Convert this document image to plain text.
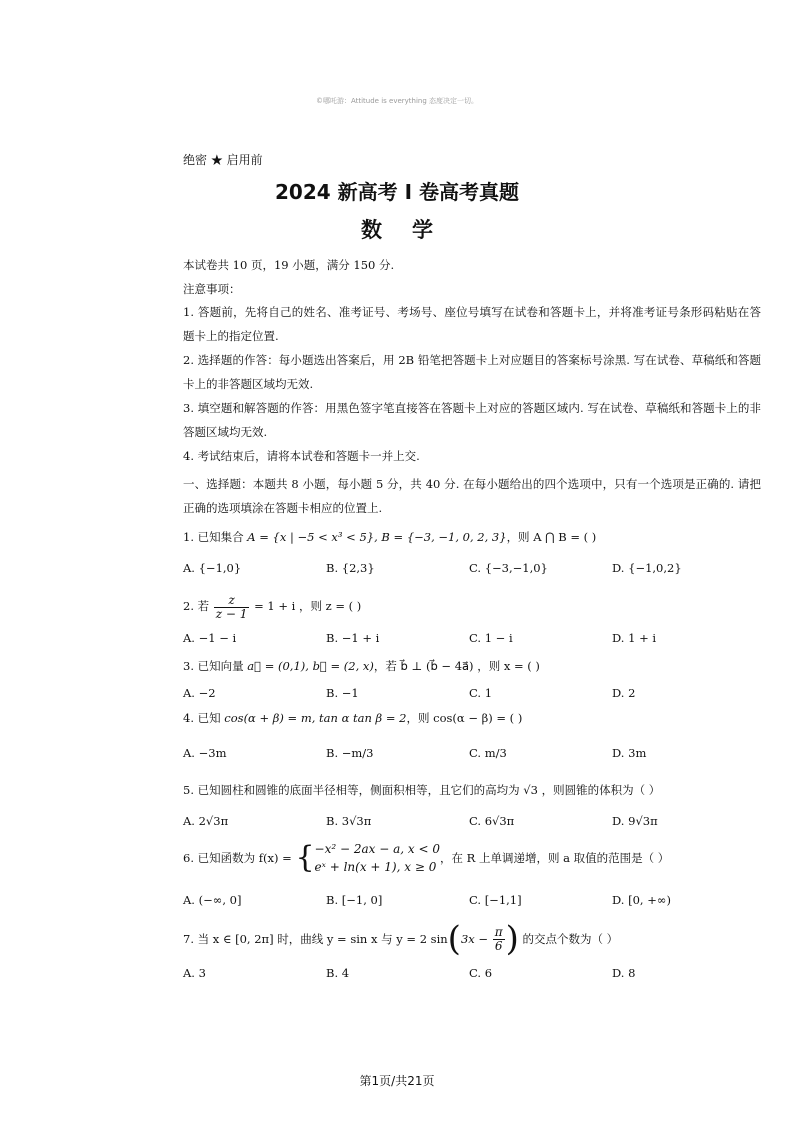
©哪吒游：Attitude is everything 态度决定一切。
绝密 ★ 启用前
2024 新高考 I 卷高考真题
数学
本试卷共 10 页，19 小题，满分 150 分.
注意事项：
1. 答题前，先将自己的姓名、准考证号、考场号、座位号填写在试卷和答题卡上，并将准考证号条形码粘贴在答题卡上的指定位置.
2. 选择题的作答：每小题选出答案后，用 2B 铅笔把答题卡上对应题目的答案标号涂黑. 写在试卷、草稿纸和答题卡上的非答题区域均无效.
3. 填空题和解答题的作答：用黑色签字笔直接答在答题卡上对应的答题区域内. 写在试卷、草稿纸和答题卡上的非答题区域均无效.
4. 考试结束后，请将本试卷和答题卡一并上交.
一、选择题：本题共 8 小题，每小题 5 分，共 40 分. 在每小题给出的四个选项中，只有一个选项是正确的. 请把正确的选项填涂在答题卡相应的位置上.
1. 已知集合 A = {x | −5 < x³ < 5}, B = {−3, −1, 0, 2, 3}，则 A ⋂ B = ( )
A. {−1,0}	B. {2,3}	C. {−3,−1,0}	D. {−1,0,2}
2. 若 $\frac{z}{z - 1} = 1 + i$ ，则 z = ( )
A. −1 − i	B. −1 + i	C. 1 − i	D. 1 + i
3. 已知向量 a⃗ = (0,1), b⃗ = (2, x)，若 b⃗ ⊥ (b⃗ − 4a⃗) ，则 x = ( )
A. −2	B. −1	C. 1	D. 2
4. 已知 cos(α + β) = m, tan α tan β = 2，则 cos(α − β) = ( )
A. −3m	B. −m/3	C. m/3	D. 3m
5. 已知圆柱和圆锥的底面半径相等，侧面积相等，且它们的高均为 √3 ，则圆锥的体积为（ ）
A. 2√3π	B. 3√3π	C. 6√3π	D. 9√3π
6. 已知函数为 f(x) = { −x² − 2ax − a, x < 0
eˣ + ln(x + 1), x ≥ 0
，在 R 上单调递增，则 a 取值的范围是（ ）
A. (−∞, 0]	B. [−1, 0]	C. [−1,1]	D. [0, +∞)
7. 当 x ∈ [0, 2π] 时，曲线 y = sin x 与 y = 2 $\sin(3x - \frac{\pi}{6}$ ) 的交点个数为（ ）
A. 3	B. 4	C. 6	D. 8
第1页/共21页
